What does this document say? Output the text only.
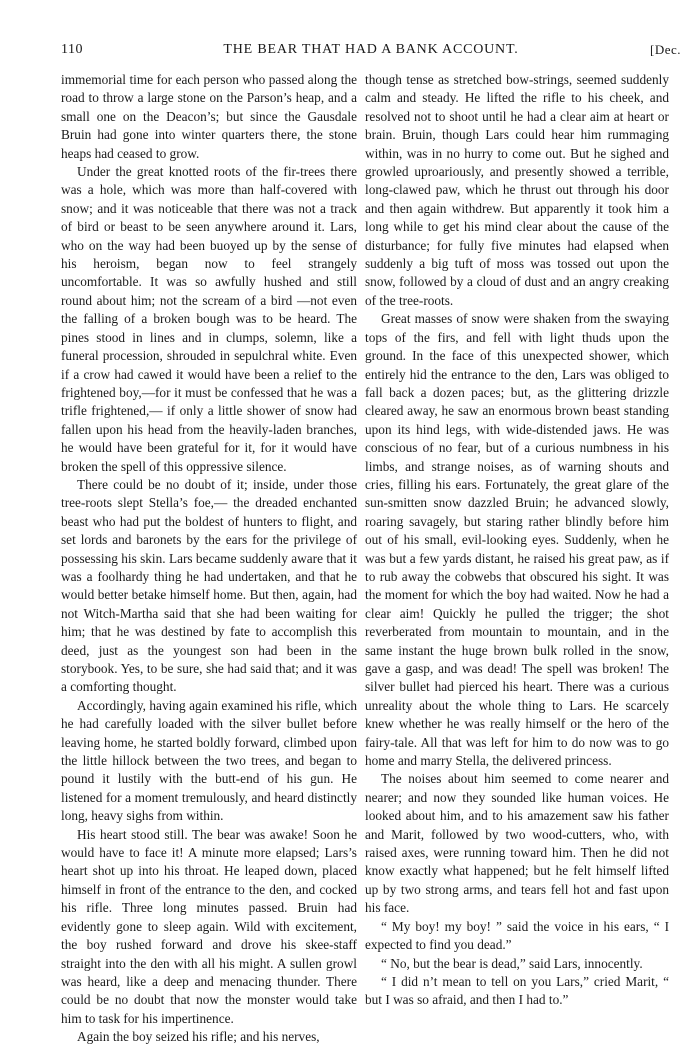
110	THE BEAR THAT HAD A BANK ACCOUNT.	[Dec.

immemorial time for each person who passed along the road to throw a large stone on the Parson’s heap, and a small one on the Deacon’s; but since the Gausdale Bruin had gone into winter quarters there, the stone heaps had ceased to grow.

Under the great knotted roots of the fir-trees there was a hole, which was more than half-covered with snow; and it was noticeable that there was not a track of bird or beast to be seen anywhere around it. Lars, who on the way had been buoyed up by the sense of his heroism, began now to feel strangely uncomfortable. It was so awfully hushed and still round about him; not the scream of a bird —not even the falling of a broken bough was to be heard. The pines stood in lines and in clumps, solemn, like a funeral procession, shrouded in sepulchral white. Even if a crow had cawed it would have been a relief to the frightened boy,—for it must be confessed that he was a trifle frightened,— if only a little shower of snow had fallen upon his head from the heavily-laden branches, he would have been grateful for it, for it would have broken the spell of this oppressive silence.

There could be no doubt of it; inside, under those tree-roots slept Stella’s foe,— the dreaded enchanted beast who had put the boldest of hunters to flight, and set lords and baronets by the ears for the privilege of possessing his skin. Lars became suddenly aware that it was a foolhardy thing he had undertaken, and that he would better betake himself home. But then, again, had not Witch-Martha said that she had been waiting for him; that he was destined by fate to accomplish this deed, just as the youngest son had been in the storybook. Yes, to be sure, she had said that; and it was a comforting thought.

Accordingly, having again examined his rifle, which he had carefully loaded with the silver bullet before leaving home, he started boldly forward, climbed upon the little hillock between the two trees, and began to pound it lustily with the butt-end of his gun. He listened for a moment tremulously, and heard distinctly long, heavy sighs from within.

His heart stood still. The bear was awake! Soon he would have to face it! A minute more elapsed; Lars’s heart shot up into his throat. He leaped down, placed himself in front of the entrance to the den, and cocked his rifle. Three long minutes passed. Bruin had evidently gone to sleep again. Wild with excitement, the boy rushed forward and drove his skee-staff straight into the den with all his might. A sullen growl was heard, like a deep and menacing thunder. There could be no doubt that now the monster would take him to task for his impertinence.

Again the boy seized his rifle; and his nerves,

though tense as stretched bow-strings, seemed suddenly calm and steady. He lifted the rifle to his cheek, and resolved not to shoot until he had a clear aim at heart or brain. Bruin, though Lars could hear him rummaging within, was in no hurry to come out. But he sighed and growled uproariously, and presently showed a terrible, long-clawed paw, which he thrust out through his door and then again withdrew. But apparently it took him a long while to get his mind clear about the cause of the disturbance; for fully five minutes had elapsed when suddenly a big tuft of moss was tossed out upon the snow, followed by a cloud of dust and an angry creaking of the tree-roots.

Great masses of snow were shaken from the swaying tops of the firs, and fell with light thuds upon the ground. In the face of this unexpected shower, which entirely hid the entrance to the den, Lars was obliged to fall back a dozen paces; but, as the glittering drizzle cleared away, he saw an enormous brown beast standing upon its hind legs, with wide-distended jaws. He was conscious of no fear, but of a curious numbness in his limbs, and strange noises, as of warning shouts and cries, filling his ears. Fortunately, the great glare of the sun-smitten snow dazzled Bruin; he advanced slowly, roaring savagely, but staring rather blindly before him out of his small, evil-looking eyes. Suddenly, when he was but a few yards distant, he raised his great paw, as if to rub away the cobwebs that obscured his sight. It was the moment for which the boy had waited. Now he had a clear aim! Quickly he pulled the trigger; the shot reverberated from mountain to mountain, and in the same instant the huge brown bulk rolled in the snow, gave a gasp, and was dead! The spell was broken! The silver bullet had pierced his heart. There was a curious unreality about the whole thing to Lars. He scarcely knew whether he was really himself or the hero of the fairy-tale. All that was left for him to do now was to go home and marry Stella, the delivered princess.

The noises about him seemed to come nearer and nearer; and now they sounded like human voices. He looked about him, and to his amazement saw his father and Marit, followed by two wood-cutters, who, with raised axes, were running toward him. Then he did not know exactly what happened; but he felt himself lifted up by two strong arms, and tears fell hot and fast upon his face.

“ My boy! my boy! ” said the voice in his ears, “ I expected to find you dead.”

“ No, but the bear is dead,” said Lars, innocently.

“ I did n’t mean to tell on you Lars,” cried Marit, “ but I was so afraid, and then I had to.”
